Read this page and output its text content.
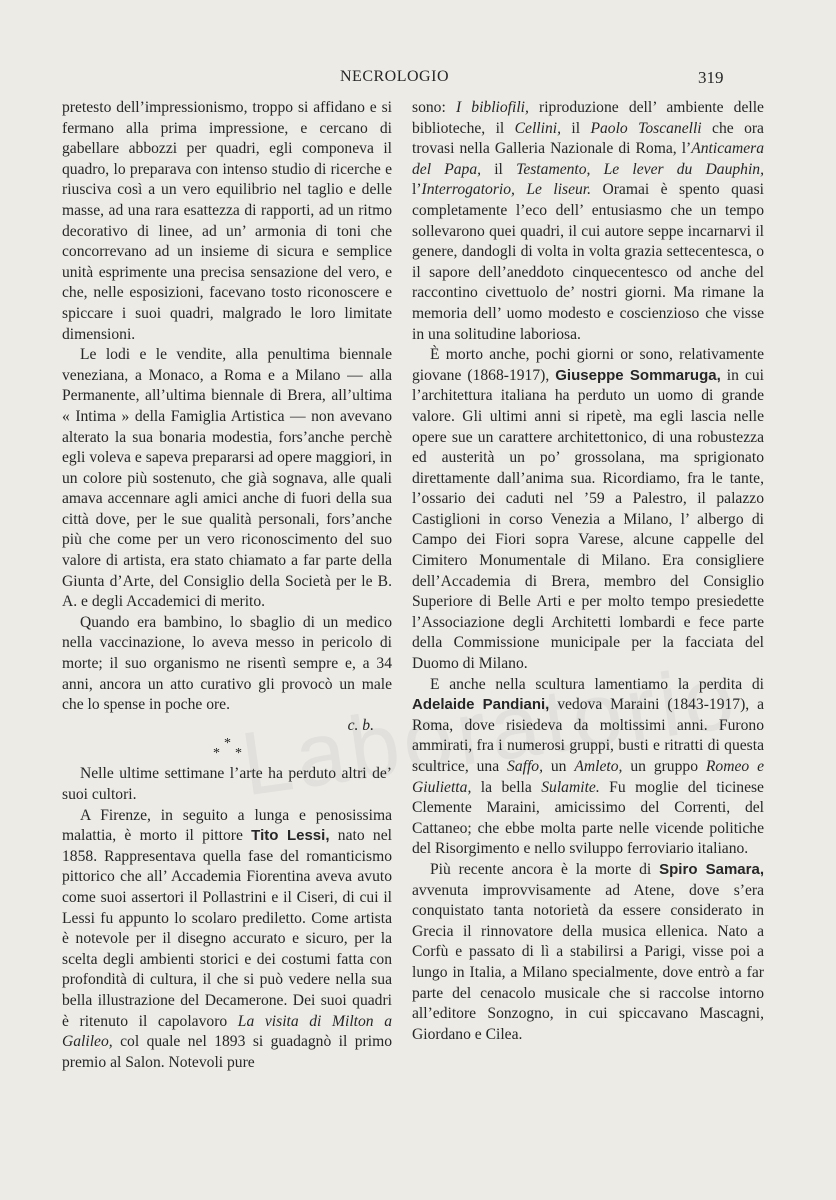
NECROLOGIO	319

pretesto dell’impressionismo, troppo si affidano e si fermano alla prima impressione, e cercano di gabellare abbozzi per quadri, egli componeva il quadro, lo preparava con intenso studio di ricerche e riusciva così a un vero equilibrio nel taglio e delle masse, ad una rara esattezza di rapporti, ad un ritmo decorativo di linee, ad un’ armonia di toni che concorrevano ad un insieme di sicura e semplice unità esprimente una precisa sensazione del vero, e che, nelle esposizioni, facevano tosto riconoscere e spiccare i suoi quadri, malgrado le loro limitate dimensioni.

Le lodi e le vendite, alla penultima biennale veneziana, a Monaco, a Roma e a Milano — alla Permanente, all’ultima biennale di Brera, all’ultima « Intima » della Famiglia Artistica — non avevano alterato la sua bonaria modestia, fors’anche perchè egli voleva e sapeva prepararsi ad opere maggiori, in un colore più sostenuto, che già sognava, alle quali amava accennare agli amici anche di fuori della sua città dove, per le sue qualità personali, fors’anche più che come per un vero riconoscimento del suo valore di artista, era stato chiamato a far parte della Giunta d’Arte, del Consiglio della Società per le B. A. e degli Accademici di merito.

Quando era bambino, lo sbaglio di un medico nella vaccinazione, lo aveva messo in pericolo di morte; il suo organismo ne risentì sempre e, a 34 anni, ancora un atto curativo gli provocò un male che lo spense in poche ore.

c. b.

*
* *

Nelle ultime settimane l’arte ha perduto altri de’ suoi cultori.

A Firenze, in seguito a lunga e penosissima malattia, è morto il pittore Tito Lessi, nato nel 1858. Rappresentava quella fase del romanticismo pittorico che all’ Accademia Fiorentina aveva avuto come suoi assertori il Pollastrini e il Ciseri, di cui il Lessi fu appunto lo scolaro prediletto. Come artista è notevole per il disegno accurato e sicuro, per la scelta degli ambienti storici e dei costumi fatta con profondità di cultura, il che si può vedere nella sua bella illustrazione del Decamerone. Dei suoi quadri è ritenuto il capolavoro La visita di Milton a Galileo, col quale nel 1893 si guadagnò il primo premio al Salon. Notevoli pure

sono: I bibliofili, riproduzione dell’ ambiente delle biblioteche, il Cellini, il Paolo Toscanelli che ora trovasi nella Galleria Nazionale di Roma, l’Anticamera del Papa, il Testamento, Le lever du Dauphin, l’Interrogatorio, Le liseur. Oramai è spento quasi completamente l’eco dell’ entusiasmo che un tempo sollevarono quei quadri, il cui autore seppe incarnarvi il genere, dandogli di volta in volta grazia settecentesca, o il sapore dell’aneddoto cinquecentesco od anche del raccontino civettuolo de’ nostri giorni. Ma rimane la memoria dell’ uomo modesto e coscienzioso che visse in una solitudine laboriosa.

È morto anche, pochi giorni or sono, relativamente giovane (1868-1917), Giuseppe Sommaruga, in cui l’architettura italiana ha perduto un uomo di grande valore. Gli ultimi anni si ripetè, ma egli lascia nelle opere sue un carattere architettonico, di una robustezza ed austerità un po’ grossolana, ma sprigionato direttamente dall’anima sua. Ricordiamo, fra le tante, l’ossario dei caduti nel ’59 a Palestro, il palazzo Castiglioni in corso Venezia a Milano, l’ albergo di Campo dei Fiori sopra Varese, alcune cappelle del Cimitero Monumentale di Milano. Era consigliere dell’Accademia di Brera, membro del Consiglio Superiore di Belle Arti e per molto tempo presiedette l’Associazione degli Architetti lombardi e fece parte della Commissione municipale per la facciata del Duomo di Milano.

E anche nella scultura lamentiamo la perdita di Adelaide Pandiani, vedova Maraini (1843-1917), a Roma, dove risiedeva da moltissimi anni. Furono ammirati, fra i numerosi gruppi, busti e ritratti di questa scultrice, una Saffo, un Amleto, un gruppo Romeo e Giulietta, la bella Sulamite. Fu moglie del ticinese Clemente Maraini, amicissimo del Correnti, del Cattaneo; che ebbe molta parte nelle vicende politiche del Risorgimento e nello sviluppo ferroviario italiano.

Più recente ancora è la morte di Spiro Samara, avvenuta improvvisamente ad Atene, dove s’era conquistato tanta notorietà da essere considerato in Grecia il rinnovatore della musica ellenica. Nato a Corfù e passato di lì a stabilirsi a Parigi, visse poi a lungo in Italia, a Milano specialmente, dove entrò a far parte del cenacolo musicale che si raccolse intorno all’editore Sonzogno, in cui spiccavano Mascagni, Giordano e Cilea.
